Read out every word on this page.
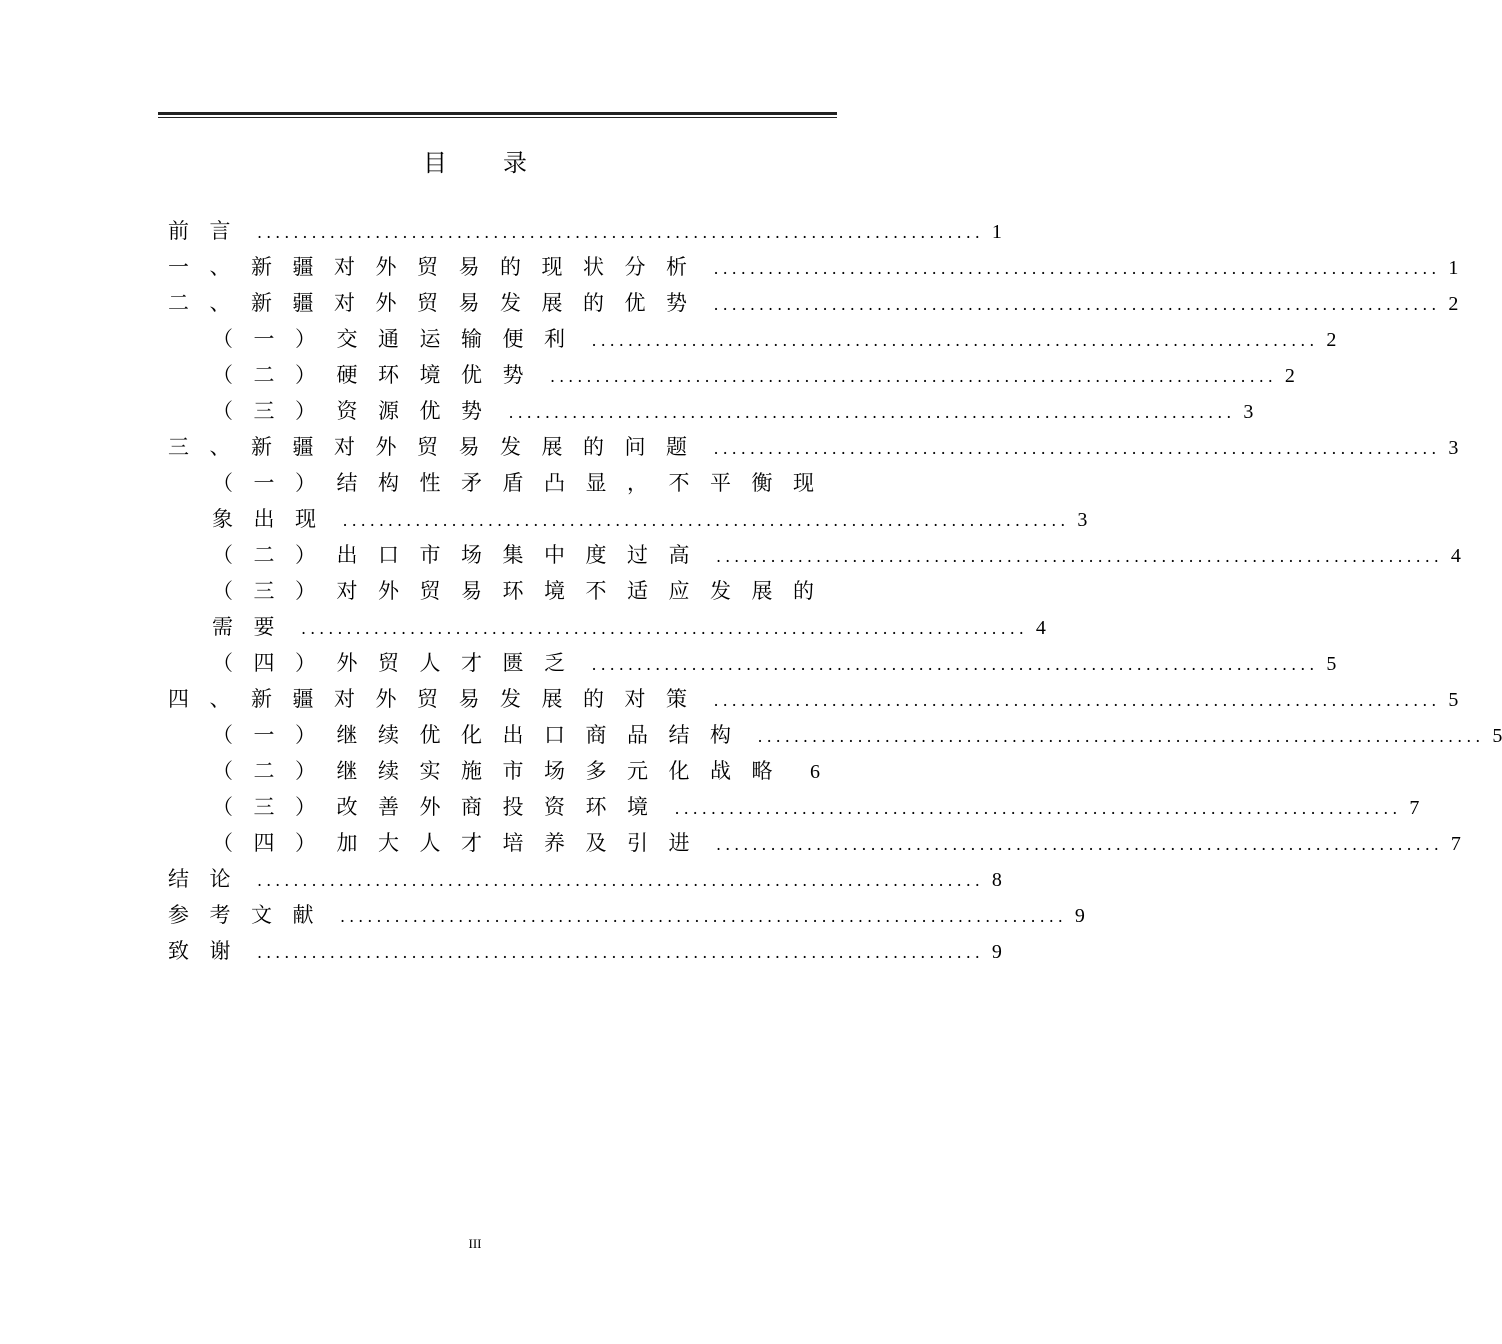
目录
前言 ................................................................................ 1
一、新疆对外贸易的现状分析 ................................................................................ 1
二、新疆对外贸易发展的优势 ................................................................................ 2
（一）交通运输便利 ................................................................................ 2
（二）硬环境优势 ................................................................................ 2
（三）资源优势 ................................................................................ 3
三、新疆对外贸易发展的问题 ................................................................................ 3
（一）结构性矛盾凸显，不平衡现
象出现 ................................................................................ 3
（二）出口市场集中度过高 ................................................................................ 4
（三）对外贸易环境不适应发展的
需要 ................................................................................ 4
（四）外贸人才匮乏 ................................................................................ 5
四、新疆对外贸易发展的对策 ................................................................................ 5
（一）继续优化出口商品结构 ................................................................................ 5
（二）继续实施市场多元化战略 6
（三）改善外商投资环境 ................................................................................ 7
（四）加大人才培养及引进 ................................................................................ 7
结论 ................................................................................ 8
参考文献 ................................................................................ 9
致谢 ................................................................................ 9
III
